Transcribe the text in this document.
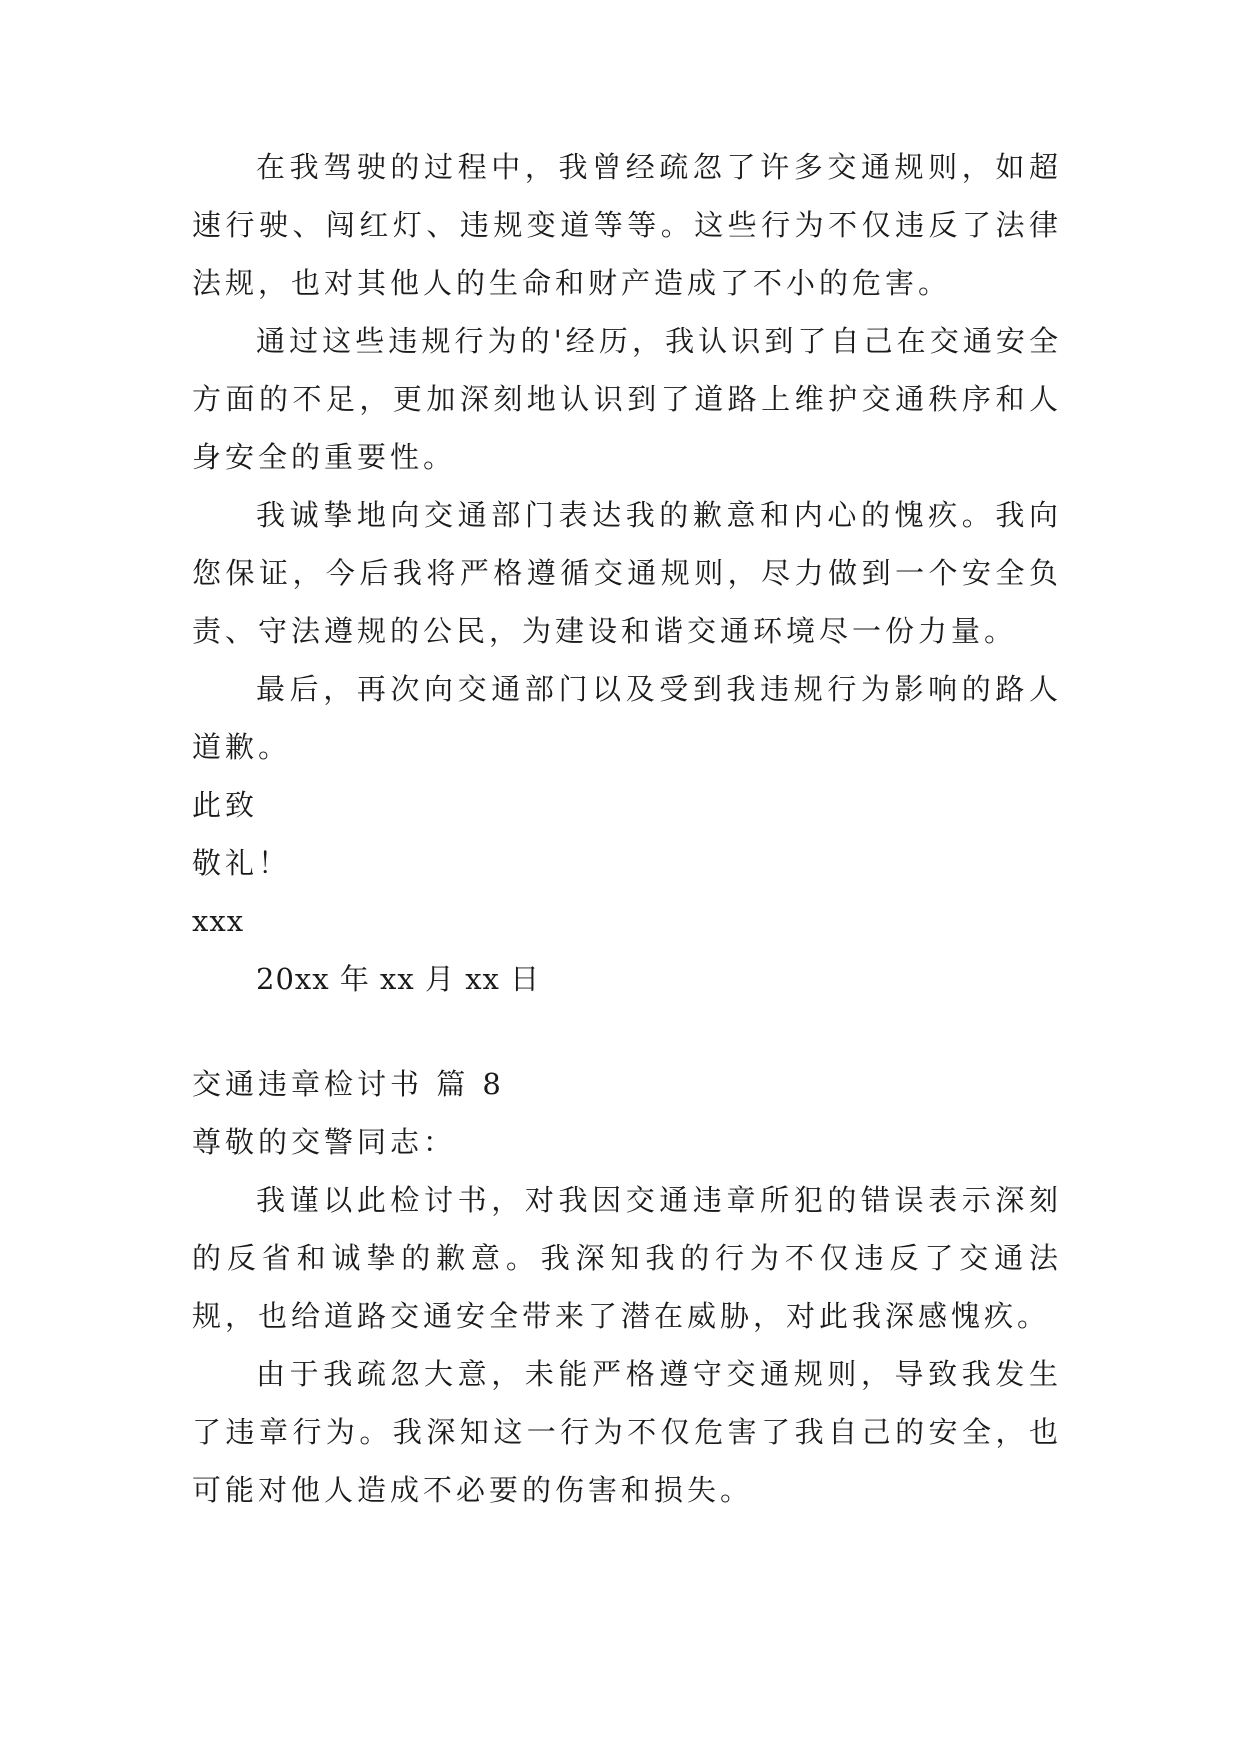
在我驾驶的过程中，我曾经疏忽了许多交通规则，如超速行驶、闯红灯、违规变道等等。这些行为不仅违反了法律法规，也对其他人的生命和财产造成了不小的危害。

通过这些违规行为的'经历，我认识到了自己在交通安全方面的不足，更加深刻地认识到了道路上维护交通秩序和人身安全的重要性。

我诚挚地向交通部门表达我的歉意和内心的愧疚。我向您保证，今后我将严格遵循交通规则，尽力做到一个安全负责、守法遵规的公民，为建设和谐交通环境尽一份力量。

最后，再次向交通部门以及受到我违规行为影响的路人道歉。

此致

敬礼！

xxx

20xx 年 xx 月 xx 日

交通违章检讨书 篇 8

尊敬的交警同志：

我谨以此检讨书，对我因交通违章所犯的错误表示深刻的反省和诚挚的歉意。我深知我的行为不仅违反了交通法规，也给道路交通安全带来了潜在威胁，对此我深感愧疚。

由于我疏忽大意，未能严格遵守交通规则，导致我发生了违章行为。我深知这一行为不仅危害了我自己的安全，也可能对他人造成不必要的伤害和损失。
